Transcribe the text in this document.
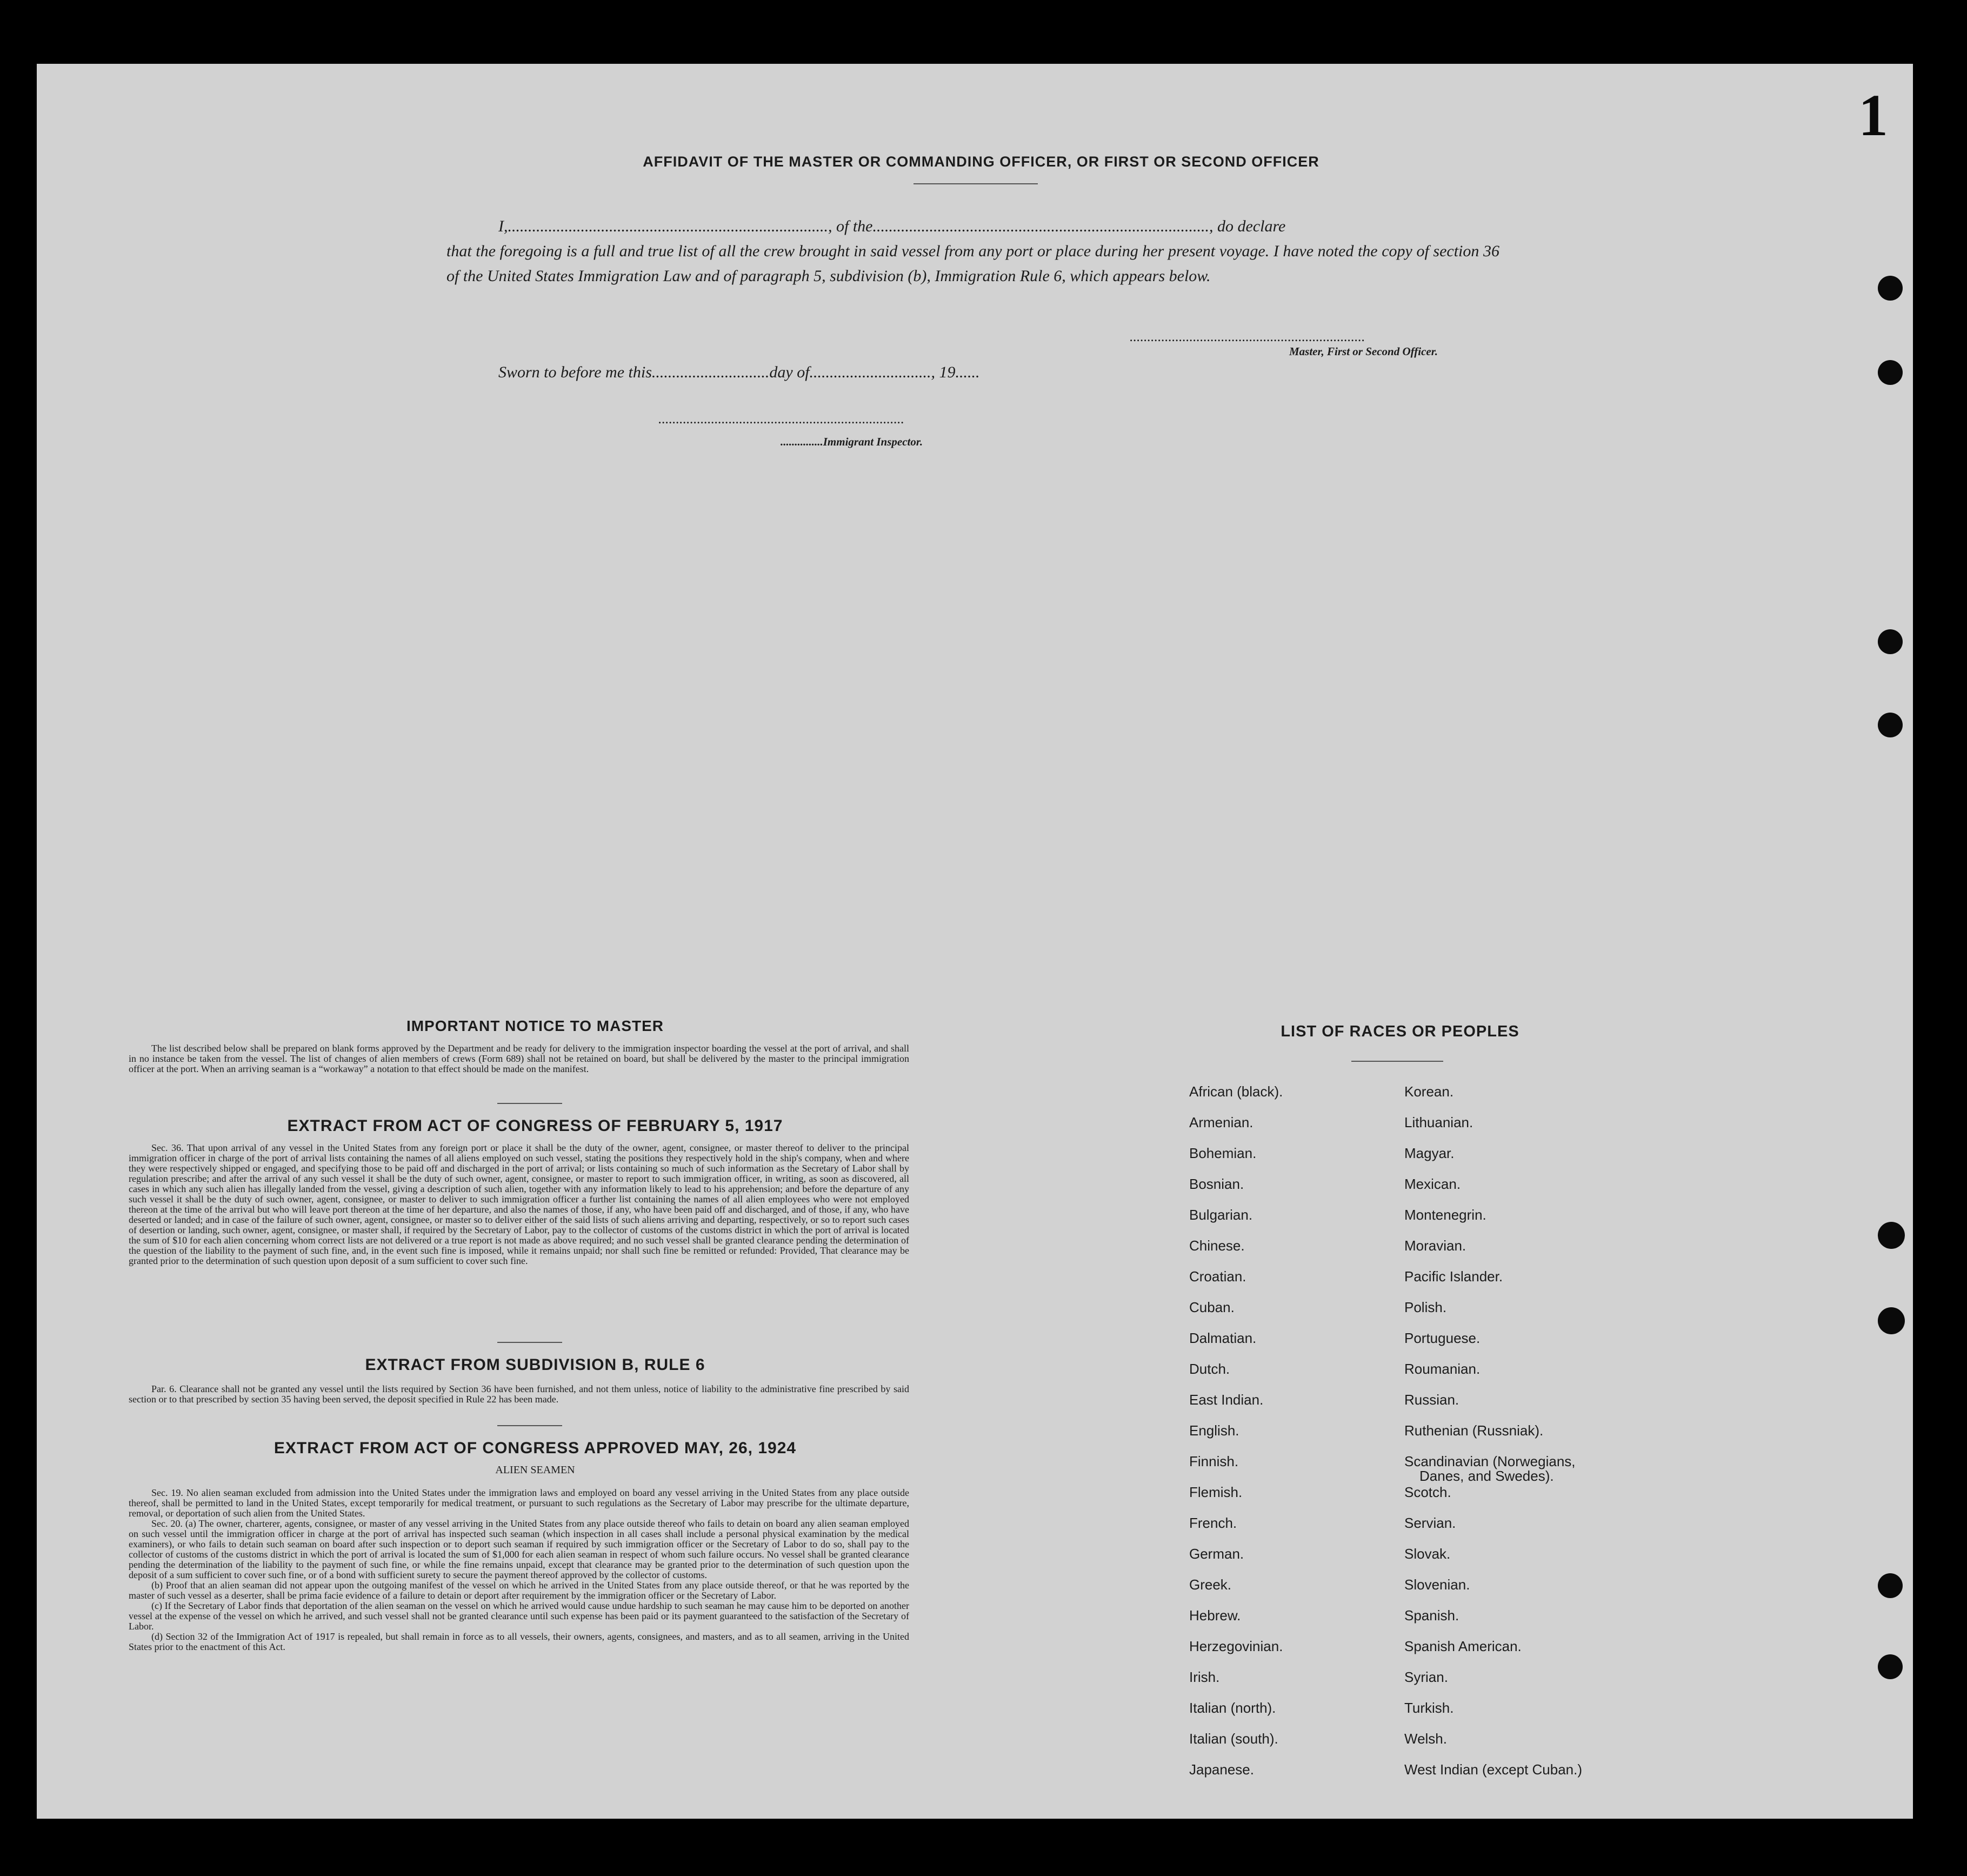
1
AFFIDAVIT OF THE MASTER OR COMMANDING OFFICER, OR FIRST OR SECOND OFFICER
I,..............................................................................., of the..................................................................................., do declare
that the foregoing is a full and true list of all the crew brought in said vessel from any port or place during her present voyage. I have noted the copy of section 36 of the United States Immigration Law and of paragraph 5, subdivision (b), Immigration Rule 6, which appears below.
...................................................................
Master, First or Second Officer.
Sworn to before me this.............................day of.............................., 19......
......................................................................
...............Immigrant Inspector.
IMPORTANT NOTICE TO MASTER

The list described below shall be prepared on blank forms approved by the Department and be ready for delivery to the immigration inspector boarding the vessel at the port of arrival, and shall in no instance be taken from the vessel. The list of changes of alien members of crews (Form 689) shall not be retained on board, but shall be delivered by the master to the principal immigration officer at the port. When an arriving seaman is a “workaway” a notation to that effect should be made on the manifest.

EXTRACT FROM ACT OF CONGRESS OF FEBRUARY 5, 1917

Sec. 36. That upon arrival of any vessel in the United States from any foreign port or place it shall be the duty of the owner, agent, consignee, or master thereof to deliver to the principal immigration officer in charge of the port of arrival lists containing the names of all aliens employed on such vessel, stating the positions they respectively hold in the ship's company, when and where they were respectively shipped or engaged, and specifying those to be paid off and discharged in the port of arrival; or lists containing so much of such information as the Secretary of Labor shall by regulation prescribe; and after the arrival of any such vessel it shall be the duty of such owner, agent, consignee, or master to report to such immigration officer, in writing, as soon as discovered, all cases in which any such alien has illegally landed from the vessel, giving a description of such alien, together with any information likely to lead to his apprehension; and before the departure of any such vessel it shall be the duty of such owner, agent, consignee, or master to deliver to such immigration officer a further list containing the names of all alien employees who were not employed thereon at the time of the arrival but who will leave port thereon at the time of her departure, and also the names of those, if any, who have been paid off and discharged, and of those, if any, who have deserted or landed; and in case of the failure of such owner, agent, consignee, or master so to deliver either of the said lists of such aliens arriving and departing, respectively, or so to report such cases of desertion or landing, such owner, agent, consignee, or master shall, if required by the Secretary of Labor, pay to the collector of customs of the customs district in which the port of arrival is located the sum of $10 for each alien concerning whom correct lists are not delivered or a true report is not made as above required; and no such vessel shall be granted clearance pending the determination of the question of the liability to the payment of such fine, and, in the event such fine is imposed, while it remains unpaid; nor shall such fine be remitted or refunded: Provided, That clearance may be granted prior to the determination of such question upon deposit of a sum sufficient to cover such fine.

EXTRACT FROM SUBDIVISION B, RULE 6

Par. 6. Clearance shall not be granted any vessel until the lists required by Section 36 have been furnished, and not them unless, notice of liability to the administrative fine prescribed by said section or to that prescribed by section 35 having been served, the deposit specified in Rule 22 has been made.

EXTRACT FROM ACT OF CONGRESS APPROVED MAY, 26, 1924
ALIEN SEAMEN

Sec. 19. No alien seaman excluded from admission into the United States under the immigration laws and employed on board any vessel arriving in the United States from any place outside thereof, shall be permitted to land in the United States, except temporarily for medical treatment, or pursuant to such regulations as the Secretary of Labor may prescribe for the ultimate departure, removal, or deportation of such alien from the United States.

Sec. 20. (a) The owner, charterer, agents, consignee, or master of any vessel arriving in the United States from any place outside thereof who fails to detain on board any alien seaman employed on such vessel until the immigration officer in charge at the port of arrival has inspected such seaman (which inspection in all cases shall include a personal physical examination by the medical examiners), or who fails to detain such seaman on board after such inspection or to deport such seaman if required by such immigration officer or the Secretary of Labor to do so, shall pay to the collector of customs of the customs district in which the port of arrival is located the sum of $1,000 for each alien seaman in respect of whom such failure occurs. No vessel shall be granted clearance pending the determination of the liability to the payment of such fine, or while the fine remains unpaid, except that clearance may be granted prior to the determination of such question upon the deposit of a sum sufficient to cover such fine, or of a bond with sufficient surety to secure the payment thereof approved by the collector of customs.

(b) Proof that an alien seaman did not appear upon the outgoing manifest of the vessel on which he arrived in the United States from any place outside thereof, or that he was reported by the master of such vessel as a deserter, shall be prima facie evidence of a failure to detain or deport after requirement by the immigration officer or the Secretary of Labor.

(c) If the Secretary of Labor finds that deportation of the alien seaman on the vessel on which he arrived would cause undue hardship to such seaman he may cause him to be deported on another vessel at the expense of the vessel on which he arrived, and such vessel shall not be granted clearance until such expense has been paid or its payment guaranteed to the satisfaction of the Secretary of Labor.

(d) Section 32 of the Immigration Act of 1917 is repealed, but shall remain in force as to all vessels, their owners, agents, consignees, and masters, and as to all seamen, arriving in the United States prior to the enactment of this Act.

LIST OF RACES OR PEOPLES
African (black).
Armenian.
Bohemian.
Bosnian.
Bulgarian.
Chinese.
Croatian.
Cuban.
Dalmatian.
Dutch.
East Indian.
English.
Finnish.
Flemish.
French.
German.
Greek.
Hebrew.
Herzegovinian.
Irish.
Italian (north).
Italian (south).
Japanese.
Korean.
Lithuanian.
Magyar.
Mexican.
Montenegrin.
Moravian.
Pacific Islander.
Polish.
Portuguese.
Roumanian.
Russian.
Ruthenian (Russniak).
Scandinavian (Norwegians,
Danes, and Swedes).
Scotch.
Servian.
Slovak.
Slovenian.
Spanish.
Spanish American.
Syrian.
Turkish.
Welsh.
West Indian (except Cuban.)
